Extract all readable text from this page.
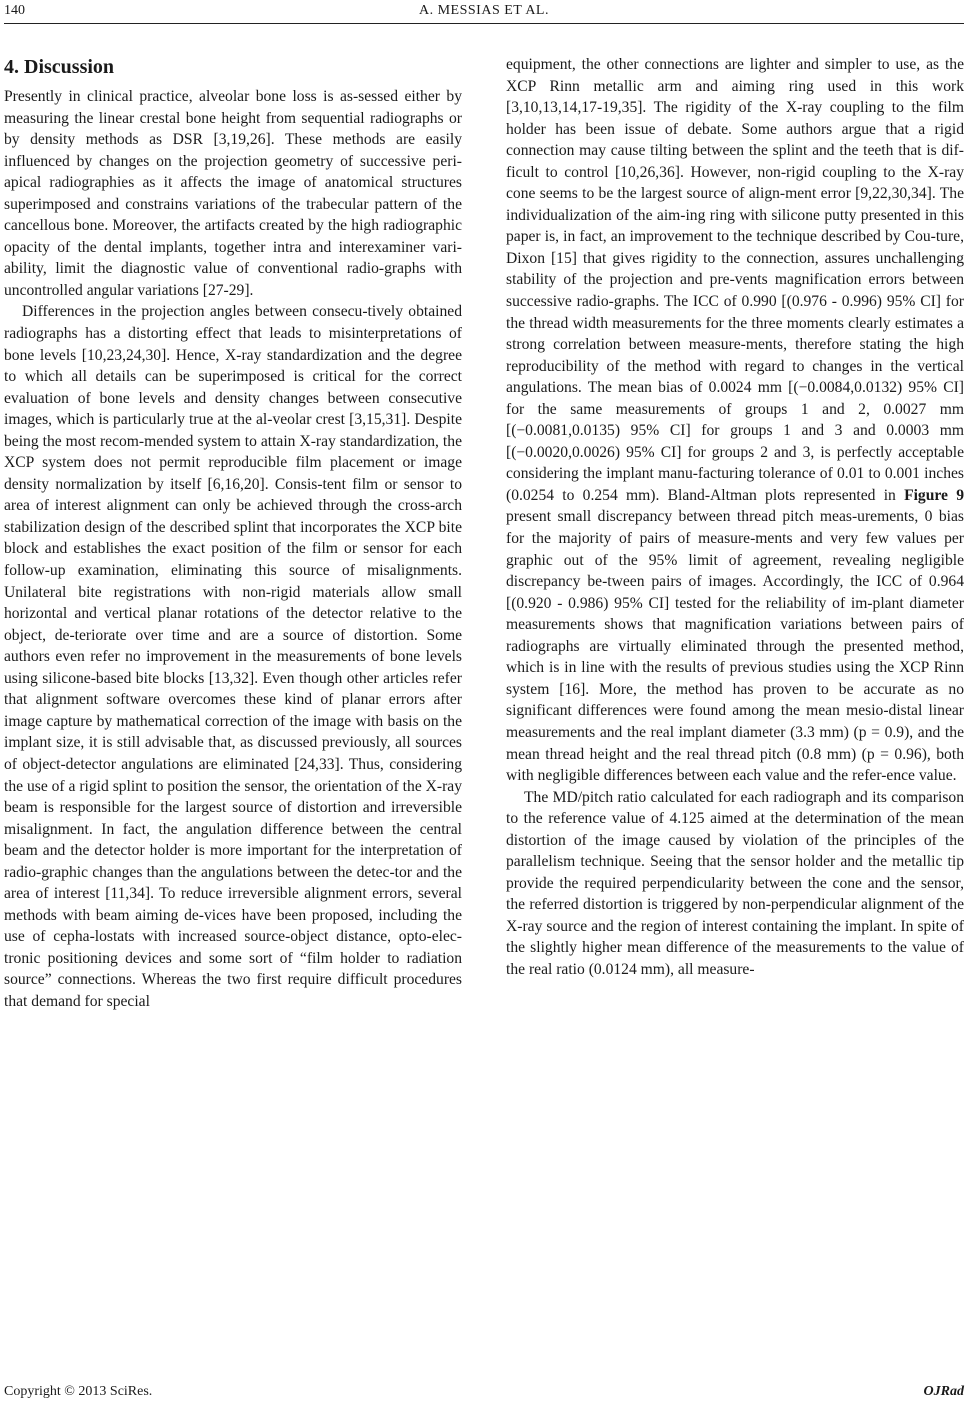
140	A. MESSIAS ET AL.
4. Discussion

Presently in clinical practice, alveolar bone loss is as-sessed either by measuring the linear crestal bone height from sequential radiographs or by density methods as DSR [3,19,26]. These methods are easily influenced by changes on the projection geometry of successive peri-apical radiographies as it affects the image of anatomical structures superimposed and constrains variations of the trabecular pattern of the cancellous bone. Moreover, the artifacts created by the high radiographic opacity of the dental implants, together intra and interexaminer vari-ability, limit the diagnostic value of conventional radio-graphs with uncontrolled angular variations [27-29].

Differences in the projection angles between consecu-tively obtained radiographs has a distorting effect that leads to misinterpretations of bone levels [10,23,24,30]. Hence, X-ray standardization and the degree to which all details can be superimposed is critical for the correct evaluation of bone levels and density changes between consecutive images, which is particularly true at the al-veolar crest [3,15,31]. Despite being the most recom-mended system to attain X-ray standardization, the XCP system does not permit reproducible film placement or image density normalization by itself [6,16,20]. Consis-tent film or sensor to area of interest alignment can only be achieved through the cross-arch stabilization design of the described splint that incorporates the XCP bite block and establishes the exact position of the film or sensor for each follow-up examination, eliminating this source of misalignments. Unilateral bite registrations with non-rigid materials allow small horizontal and vertical planar rotations of the detector relative to the object, de-teriorate over time and are a source of distortion. Some authors even refer no improvement in the measurements of bone levels using silicone-based bite blocks [13,32]. Even though other articles refer that alignment software overcomes these kind of planar errors after image capture by mathematical correction of the image with basis on the implant size, it is still advisable that, as discussed previously, all sources of object-detector angulations are eliminated [24,33]. Thus, considering the use of a rigid splint to position the sensor, the orientation of the X-ray beam is responsible for the largest source of distortion and irreversible misalignment. In fact, the angulation difference between the central beam and the detector holder is more important for the interpretation of radio-graphic changes than the angulations between the detec-tor and the area of interest [11,34]. To reduce irreversible alignment errors, several methods with beam aiming de-vices have been proposed, including the use of cepha-lostats with increased source-object distance, opto-elec-tronic positioning devices and some sort of “film holder to radiation source” connections. Whereas the two first require difficult procedures that demand for special

equipment, the other connections are lighter and simpler to use, as the XCP Rinn metallic arm and aiming ring used in this work [3,10,13,14,17-19,35]. The rigidity of the X-ray coupling to the film holder has been issue of debate. Some authors argue that a rigid connection may cause tilting between the splint and the teeth that is dif-ficult to control [10,26,36]. However, non-rigid coupling to the X-ray cone seems to be the largest source of align-ment error [9,22,30,34]. The individualization of the aim-ing ring with silicone putty presented in this paper is, in fact, an improvement to the technique described by Cou-ture, Dixon [15] that gives rigidity to the connection, assures unchallenging stability of the projection and pre-vents magnification errors between successive radio-graphs. The ICC of 0.990 [(0.976 - 0.996) 95% CI] for the thread width measurements for the three moments clearly estimates a strong correlation between measure-ments, therefore stating the high reproducibility of the method with regard to changes in the vertical angulations. The mean bias of 0.0024 mm [(−0.0084,0.0132) 95% CI] for the same measurements of groups 1 and 2, 0.0027 mm [(−0.0081,0.0135) 95% CI] for groups 1 and 3 and 0.0003 mm [(−0.0020,0.0026) 95% CI] for groups 2 and 3, is perfectly acceptable considering the implant manu-facturing tolerance of 0.01 to 0.001 inches (0.0254 to 0.254 mm). Bland-Altman plots represented in Figure 9 present small discrepancy between thread pitch meas-urements, 0 bias for the majority of pairs of measure-ments and very few values per graphic out of the 95% limit of agreement, revealing negligible discrepancy be-tween pairs of images. Accordingly, the ICC of 0.964 [(0.920 - 0.986) 95% CI] tested for the reliability of im-plant diameter measurements shows that magnification variations between pairs of radiographs are virtually eliminated through the presented method, which is in line with the results of previous studies using the XCP Rinn system [16]. More, the method has proven to be accurate as no significant differences were found among the mean mesio-distal linear measurements and the real implant diameter (3.3 mm) (p = 0.9), and the mean thread height and the real thread pitch (0.8 mm) (p = 0.96), both with negligible differences between each value and the refer-ence value.

The MD/pitch ratio calculated for each radiograph and its comparison to the reference value of 4.125 aimed at the determination of the mean distortion of the image caused by violation of the principles of the parallelism technique. Seeing that the sensor holder and the metallic tip provide the required perpendicularity between the cone and the sensor, the referred distortion is triggered by non-perpendicular alignment of the X-ray source and the region of interest containing the implant. In spite of the slightly higher mean difference of the measurements to the value of the real ratio (0.0124 mm), all measure-

Copyright © 2013 SciRes.	OJRad
